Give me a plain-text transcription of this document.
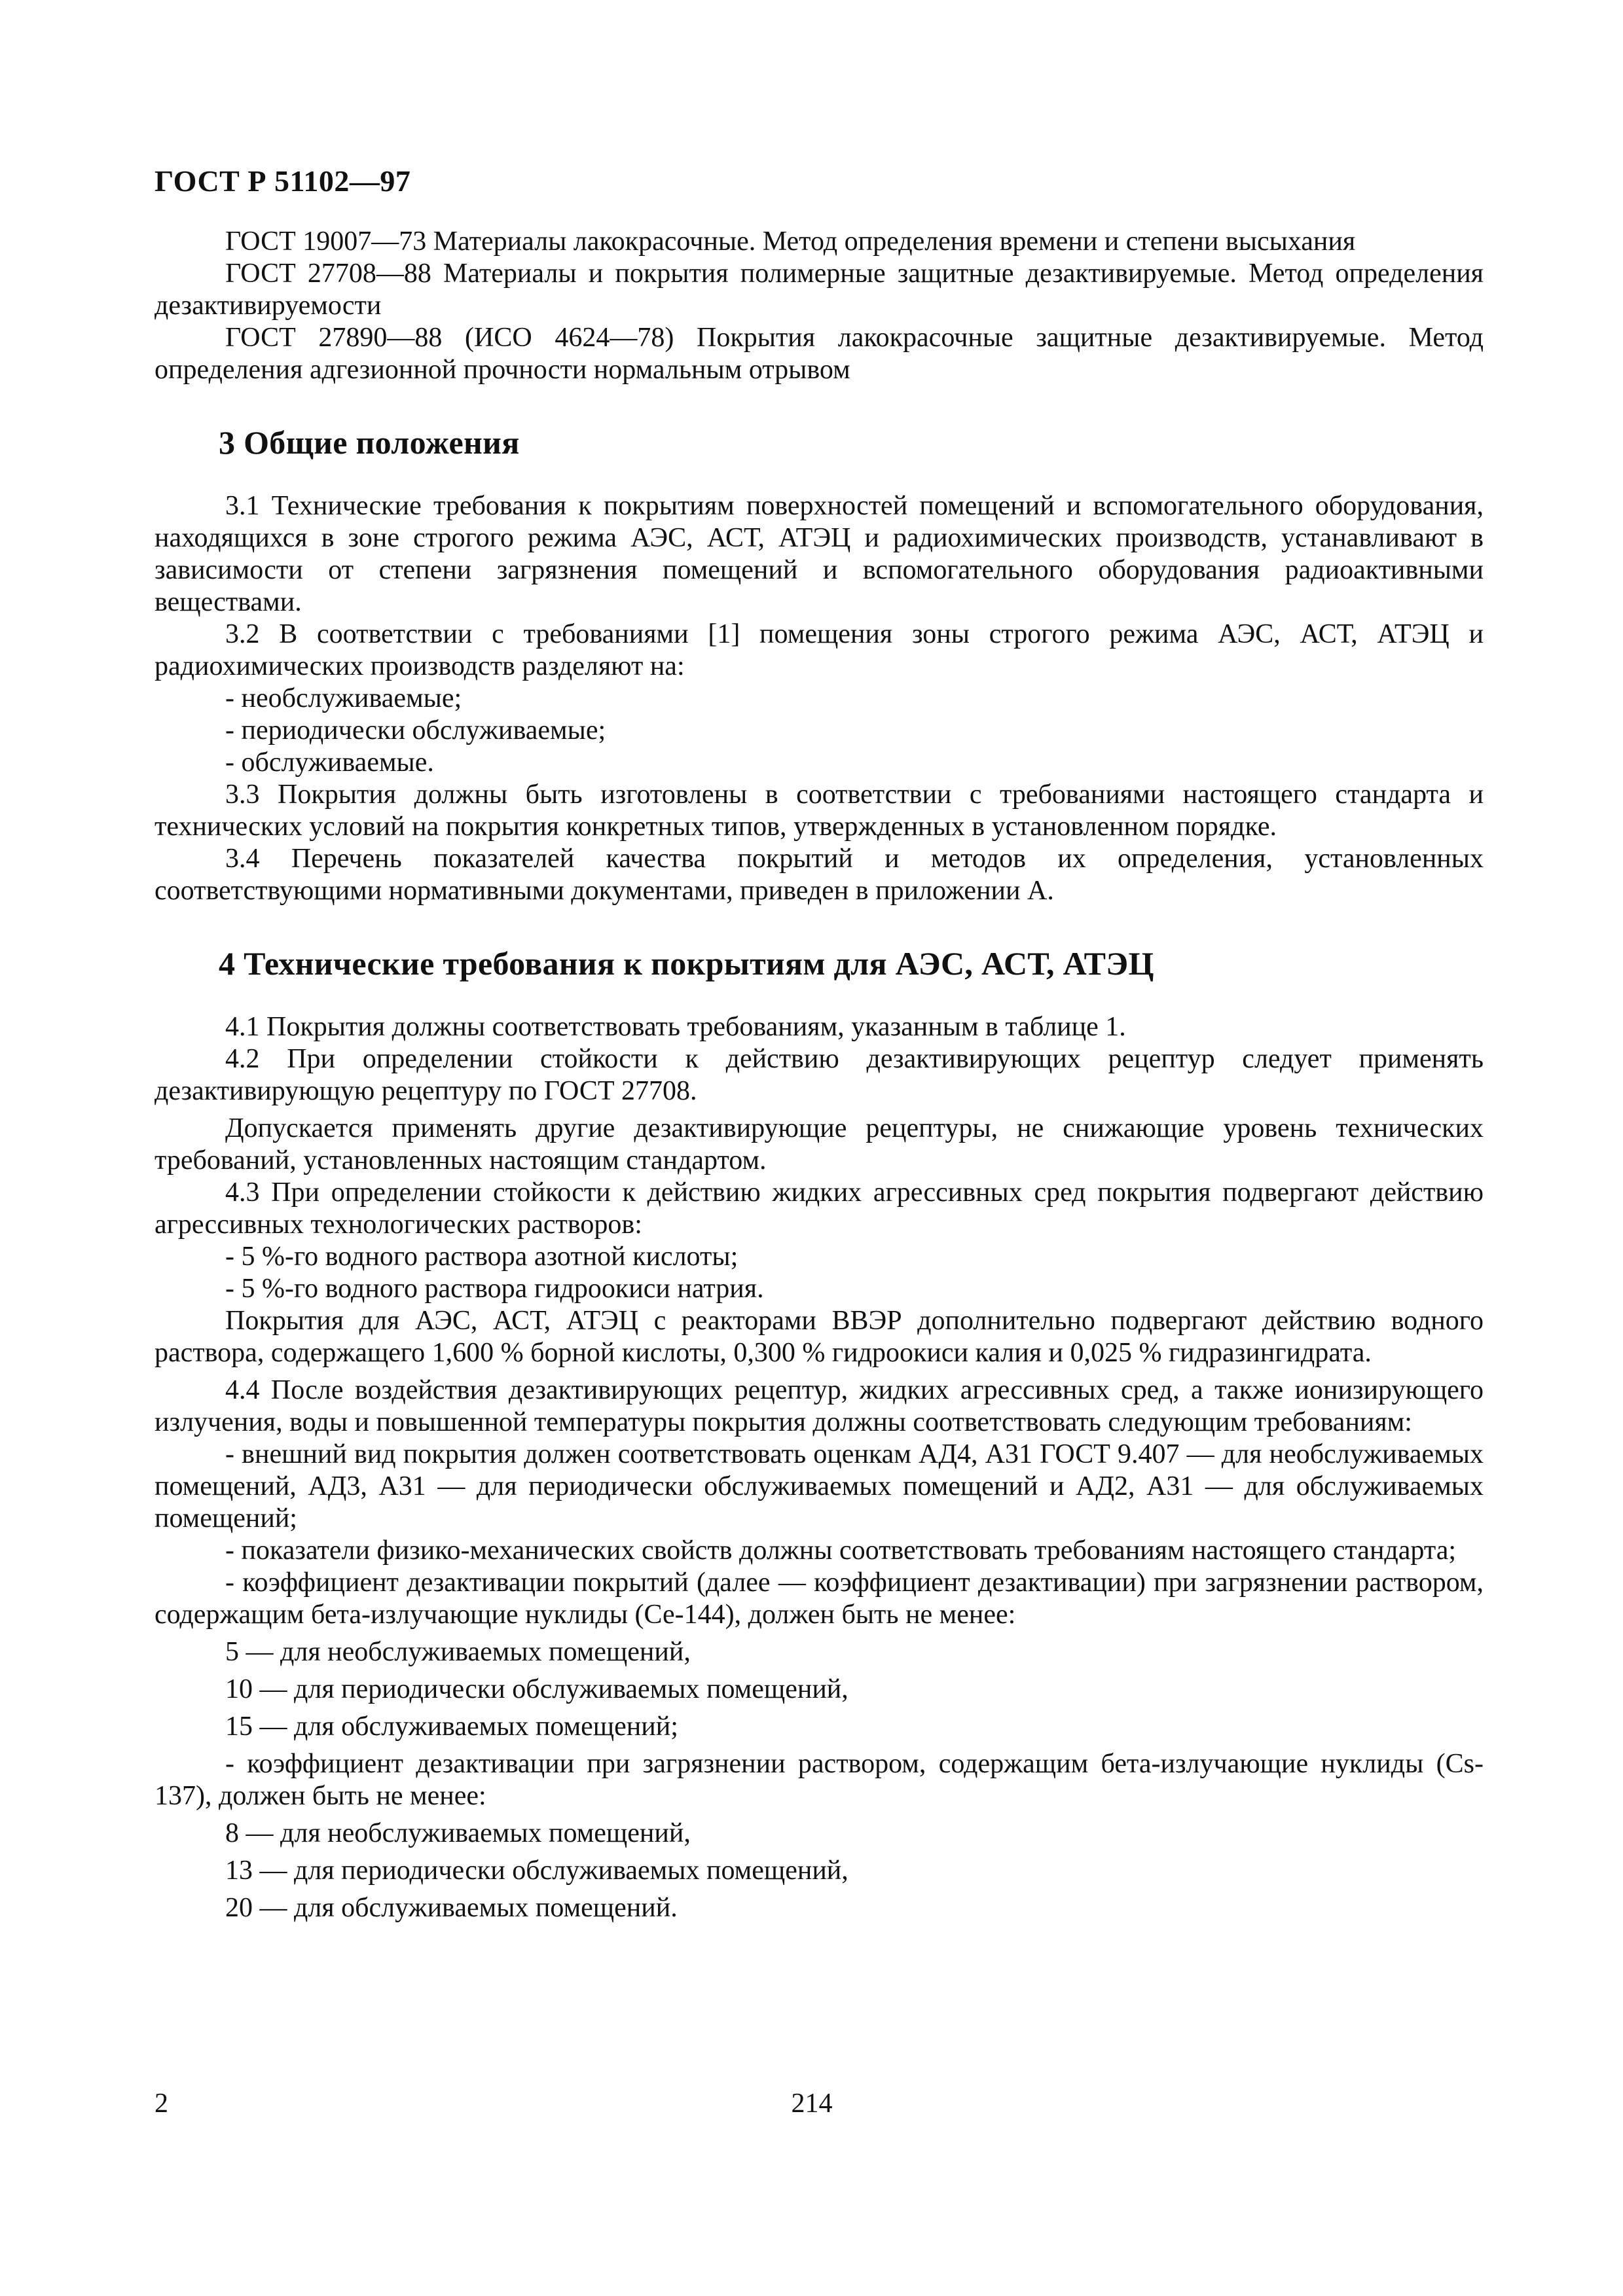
ГОСТ Р 51102—97

ГОСТ 19007—73 Материалы лакокрасочные. Метод определения времени и степени высыхания

ГОСТ 27708—88 Материалы и покрытия полимерные защитные дезактивируемые. Метод определения дезактивируемости

ГОСТ 27890—88 (ИСО 4624—78) Покрытия лакокрасочные защитные дезактивируемые. Метод определения адгезионной прочности нормальным отрывом

3 Общие положения

3.1 Технические требования к покрытиям поверхностей помещений и вспомогательного оборудования, находящихся в зоне строгого режима АЭС, АСТ, АТЭЦ и радиохимических производств, устанавливают в зависимости от степени загрязнения помещений и вспомогательного оборудования радиоактивными веществами.

3.2 В соответствии с требованиями [1] помещения зоны строгого режима АЭС, АСТ, АТЭЦ и радиохимических производств разделяют на:

- необслуживаемые;

- периодически обслуживаемые;

- обслуживаемые.

3.3 Покрытия должны быть изготовлены в соответствии с требованиями настоящего стандарта и технических условий на покрытия конкретных типов, утвержденных в установленном порядке.

3.4 Перечень показателей качества покрытий и методов их определения, установленных соответствующими нормативными документами, приведен в приложении А.

4 Технические требования к покрытиям для АЭС, АСТ, АТЭЦ

4.1 Покрытия должны соответствовать требованиям, указанным в таблице 1.

4.2 При определении стойкости к действию дезактивирующих рецептур следует применять дезактивирующую рецептуру по ГОСТ 27708.

Допускается применять другие дезактивирующие рецептуры, не снижающие уровень технических требований, установленных настоящим стандартом.

4.3 При определении стойкости к действию жидких агрессивных сред покрытия подвергают действию агрессивных технологических растворов:

- 5 %-го водного раствора азотной кислоты;

- 5 %-го водного раствора гидроокиси натрия.

Покрытия для АЭС, АСТ, АТЭЦ с реакторами ВВЭР дополнительно подвергают действию водного раствора, содержащего 1,600 % борной кислоты, 0,300 % гидроокиси калия и 0,025 % гидразингидрата.

4.4 После воздействия дезактивирующих рецептур, жидких агрессивных сред, а также ионизирующего излучения, воды и повышенной температуры покрытия должны соответствовать следующим требованиям:

- внешний вид покрытия должен соответствовать оценкам АД4, А31 ГОСТ 9.407 — для необслуживаемых помещений, АД3, А31 — для периодически обслуживаемых помещений и АД2, А31 — для обслуживаемых помещений;

- показатели физико-механических свойств должны соответствовать требованиям настоящего стандарта;

- коэффициент дезактивации покрытий (далее — коэффициент дезактивации) при загрязнении раствором, содержащим бета-излучающие нуклиды (Се-144), должен быть не менее:

5 — для необслуживаемых помещений,

10 — для периодически обслуживаемых помещений,

15 — для обслуживаемых помещений;

- коэффициент дезактивации при загрязнении раствором, содержащим бета-излучающие нуклиды (Cs-137), должен быть не менее:

8 — для необслуживаемых помещений,

13 — для периодически обслуживаемых помещений,

20 — для обслуживаемых помещений.

2	214
